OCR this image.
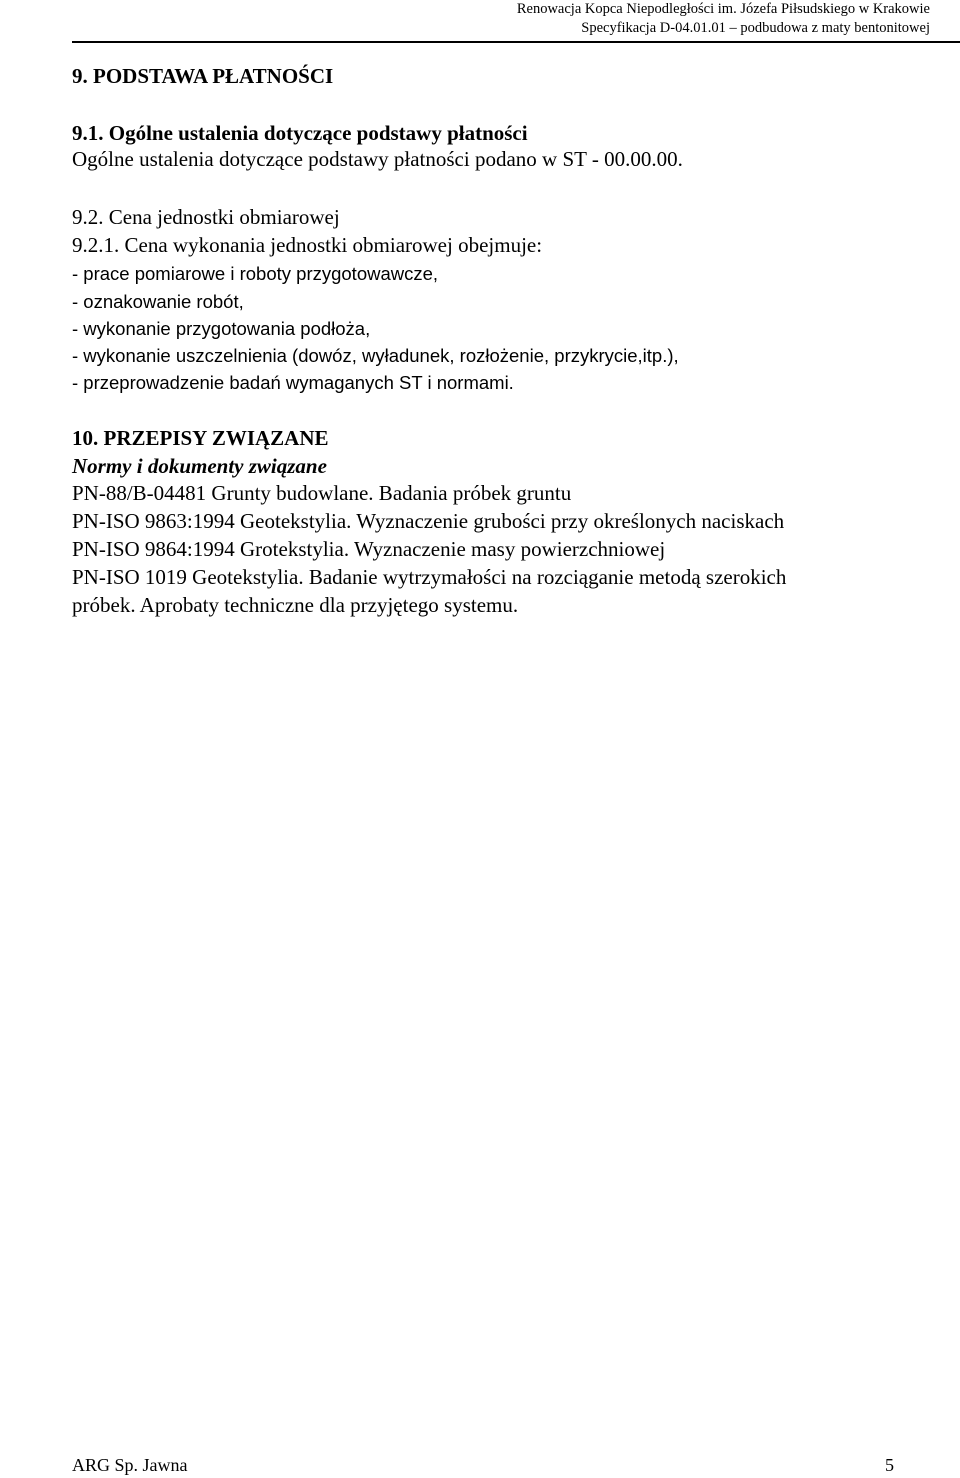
Renowacja Kopca Niepodległości im. Józefa Piłsudskiego w Krakowie
Specyfikacja D-04.01.01 – podbudowa z maty bentonitowej
9. PODSTAWA PŁATNOŚCI
9.1. Ogólne ustalenia dotyczące podstawy płatności
Ogólne ustalenia dotyczące podstawy płatności podano w ST - 00.00.00.
9.2. Cena jednostki obmiarowej
9.2.1. Cena wykonania jednostki obmiarowej obejmuje:
- prace pomiarowe i roboty przygotowawcze,
- oznakowanie robót,
- wykonanie przygotowania podłoża,
- wykonanie uszczelnienia (dowóz, wyładunek, rozłożenie, przykrycie,itp.),
- przeprowadzenie badań wymaganych ST i normami.
10. PRZEPISY ZWIĄZANE
Normy i dokumenty związane
PN-88/B-04481 Grunty budowlane. Badania próbek gruntu
PN-ISO 9863:1994 Geotekstylia. Wyznaczenie grubości przy określonych naciskach
PN-ISO 9864:1994 Grotekstylia. Wyznaczenie masy powierzchniowej
PN-ISO 1019 Geotekstylia. Badanie wytrzymałości na rozciąganie metodą szerokich
próbek. Aprobaty techniczne dla przyjętego systemu.
ARG Sp. Jawna	5
